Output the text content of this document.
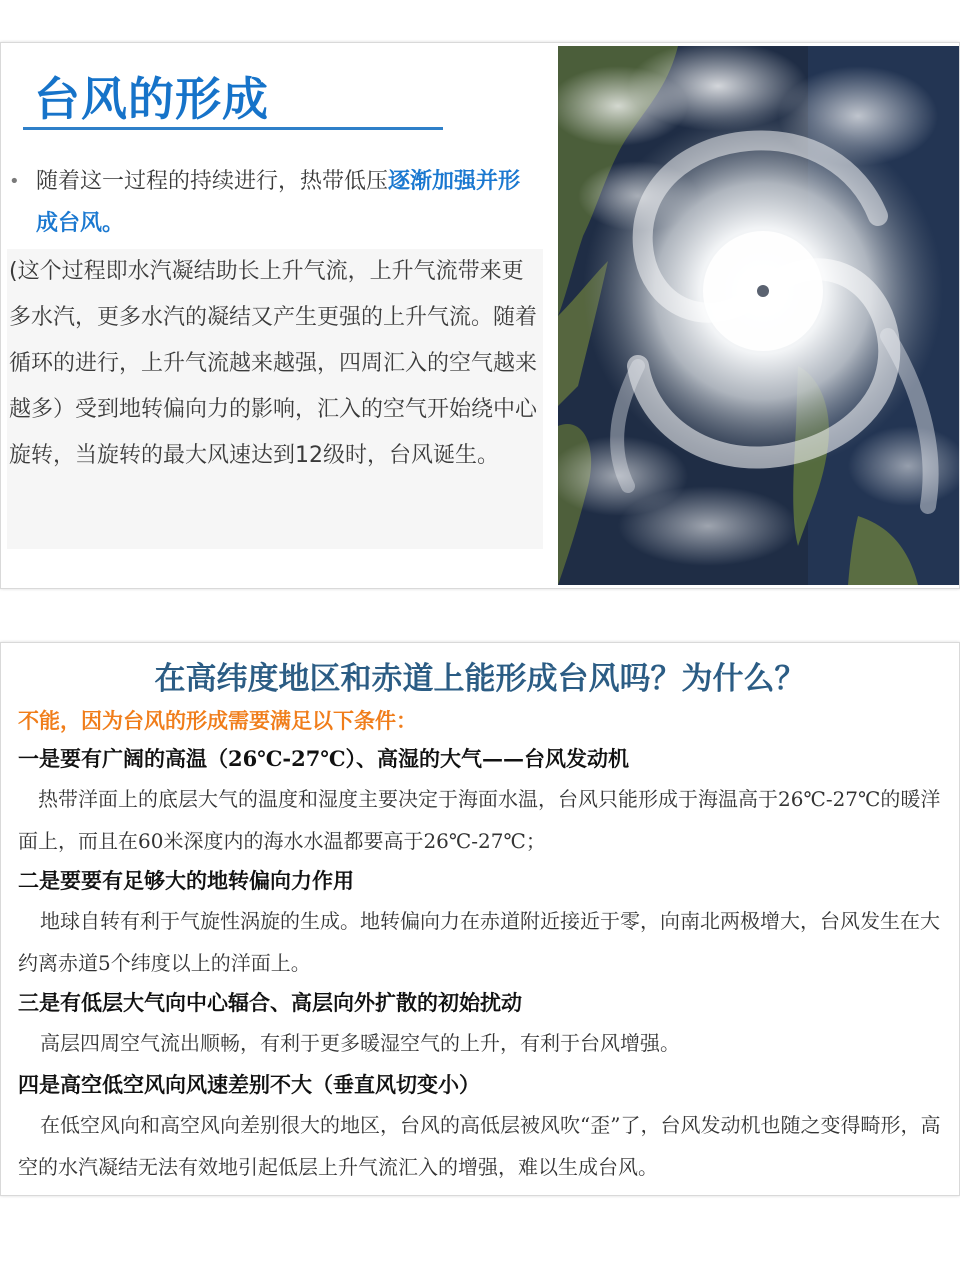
台风的形成
• 随着这一过程的持续进行，热带低压逐渐加强并形成台风。
(这个过程即水汽凝结助长上升气流，上升气流带来更多水汽，更多水汽的凝结又产生更强的上升气流。随着循环的进行，上升气流越来越强，四周汇入的空气越来越多）受到地转偏向力的影响，汇入的空气开始绕中心旋转，当旋转的最大风速达到12级时，台风诞生。
在高纬度地区和赤道上能形成台风吗？为什么？

不能，因为台风的形成需要满足以下条件：

一是要有广阔的高温（26℃-27℃）、高湿的大气——台风发动机

　热带洋面上的底层大气的温度和湿度主要决定于海面水温，台风只能形成于海温高于26℃-27℃的暖洋面上，而且在60米深度内的海水水温都要高于26℃-27℃；

二是要要有足够大的地转偏向力作用

地球自转有利于气旋性涡旋的生成。地转偏向力在赤道附近接近于零，向南北两极增大，台风发生在大约离赤道5个纬度以上的洋面上。

三是有低层大气向中心辐合、高层向外扩散的初始扰动

高层四周空气流出顺畅，有利于更多暖湿空气的上升，有利于台风增强。

四是高空低空风向风速差别不大（垂直风切变小）

在低空风向和高空风向差别很大的地区，台风的高低层被风吹“歪”了，台风发动机也随之变得畸形，高空的水汽凝结无法有效地引起低层上升气流汇入的增强，难以生成台风。
